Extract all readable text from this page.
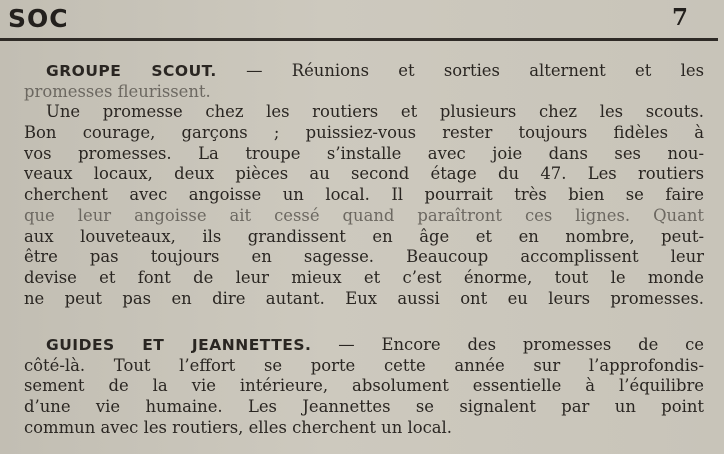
SOC	7
GROUPE SCOUT. — Réunions et sorties alternent et les
promesses fleurissent.
Une promesse chez les routiers et plusieurs chez les scouts.
Bon courage, garçons ; puissiez-vous rester toujours fidèles à
vos promesses. La troupe s’installe avec joie dans ses nou-
veaux locaux, deux pièces au second étage du 47. Les routiers
cherchent avec angoisse un local. Il pourrait très bien se faire
que leur angoisse ait cessé quand paraîtront ces lignes. Quant
aux louveteaux, ils grandissent en âge et en nombre, peut-
être pas toujours en sagesse. Beaucoup accomplissent leur
devise et font de leur mieux et c’est énorme, tout le monde
ne peut pas en dire autant. Eux aussi ont eu leurs promesses.
GUIDES ET JEANNETTES. — Encore des promesses de ce
côté-là. Tout l’effort se porte cette année sur l’approfondis-
sement de la vie intérieure, absolument essentielle à l’équilibre
d’une vie humaine. Les Jeannettes se signalent par un point
commun avec les routiers, elles cherchent un local.
